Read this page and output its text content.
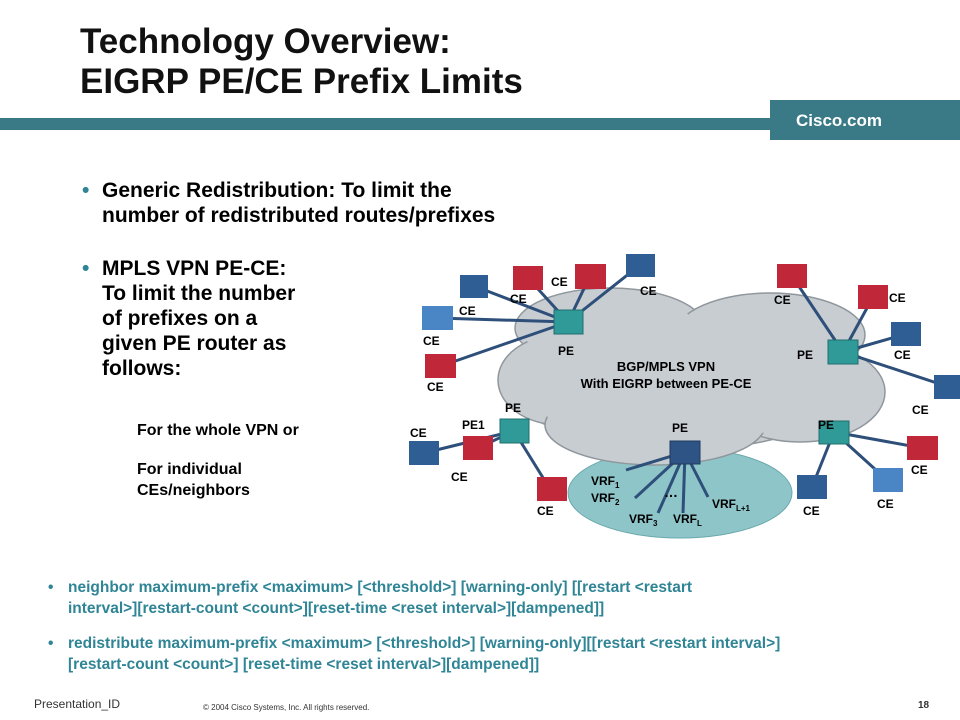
Technology Overview:
EIGRP PE/CE Prefix Limits
Cisco.com
• Generic Redistribution: To limit the
number of redistributed routes/prefixes
• MPLS VPN PE-CE:
To limit the number
of prefixes on a
given PE router as
follows:
For the whole VPN or
For individual
CEs/neighbors
BGP/MPLS VPN
With EIGRP between PE-CE
CE
CE
CE
CE
CE
CE
CE	CE
CE
CE
CE
CE
CE	CE	CE
CE
PE	PE
PE
PE1	PE	PE
$VRF_1$
$VRF_2$
$VRF_3$ $VRF_L$
$VRF_{L+1}$
…
• neighbor maximum-prefix <maximum> [<threshold>] [warning-only] [[restart <restart
interval>][restart-count <count>][reset-time <reset interval>][dampened]]
• redistribute maximum-prefix <maximum> [<threshold>] [warning-only][[restart <restart interval>]
[restart-count <count>] [reset-time <reset interval>][dampened]]
Presentation_ID	© 2004 Cisco Systems, Inc. All rights reserved.	18
